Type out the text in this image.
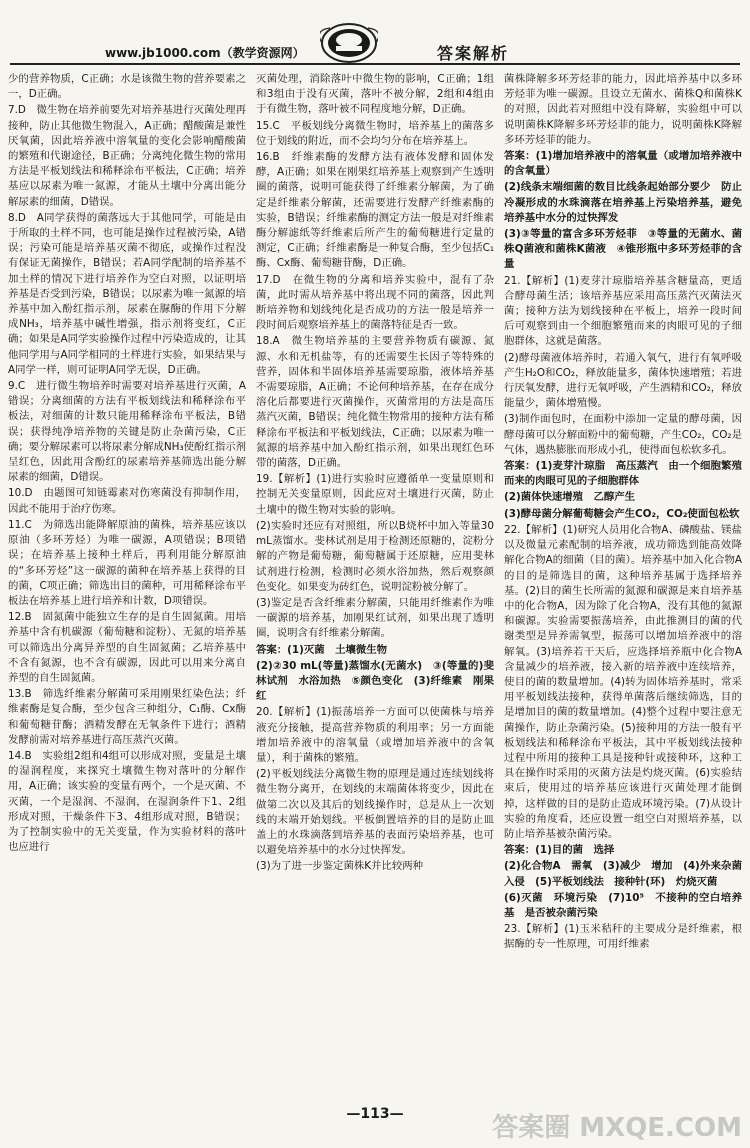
www.jb1000.com（教学资源网）	答案解析

少的营养物质，C正确；水是该微生物的营养要素之一，D正确。

7.D　微生物在培养前要先对培养基进行灭菌处理再接种，防止其他微生物混入，A正确；醋酸菌是兼性厌氧菌，因此培养液中溶氧量的变化会影响醋酸菌的繁殖和代谢途径，B正确；分离纯化微生物的常用方法是平板划线法和稀释涂布平板法，C正确；培养基应以尿素为唯一氮源，才能从土壤中分离出能分解尿素的细菌，D错误。

8.D　A同学获得的菌落远大于其他同学，可能是由于所取的土样不同，也可能是操作过程被污染，A错误；污染可能是培养基灭菌不彻底，或操作过程没有保证无菌操作，B错误；若A同学配制的培养基不加土样的情况下进行培养作为空白对照，以证明培养基是否受到污染，B错误；以尿素为唯一氮源的培养基中加入酚红指示剂，尿素在脲酶的作用下分解成NH₃，培养基中碱性增强，指示剂将变红，C正确；如果是A同学实验操作过程中污染造成的，让其他同学用与A同学相同的土样进行实验，如果结果与A同学一样，则可证明A同学无误，D正确。

9.C　进行微生物培养时需要对培养基进行灭菌，A错误；分离细菌的方法有平板划线法和稀释涂布平板法，对细菌的计数只能用稀释涂布平板法，B错误；获得纯净培养物的关键是防止杂菌污染，C正确；要分解尿素可以将尿素分解成NH₃使酚红指示剂呈红色，因此用含酚红的尿素培养基筛选出能分解尿素的细菌，D错误。

10.D　由题图可知链霉素对伤寒菌没有抑制作用，因此不能用于治疗伤寒。

11.C　为筛选出能降解原油的菌株，培养基应该以原油（多环芳烃）为唯一碳源，A项错误；B项错误；在培养基上接种土样后，再利用能分解原油的“多环芳烃”这一碳源的菌种在培养基上获得的目的菌，C项正确；筛选出目的菌种，可用稀释涂布平板法在培养基上进行培养和计数，D项错误。

12.B　固氮菌中能独立生存的是自生固氮菌。用培养基中含有机碳源（葡萄糖和淀粉）、无氮的培养基可以筛选出分离异养型的自生固氮菌；乙培养基中不含有氮源，也不含有碳源，因此可以用来分离自养型的自生固氮菌。

13.B　筛选纤维素分解菌可采用刚果红染色法；纤维素酶是复合酶，至少包含三种组分，C₁酶、Cx酶和葡萄糖苷酶；酒精发酵在无氧条件下进行；酒精发酵前需对培养基进行高压蒸汽灭菌。

14.B　实验组2组和4组可以形成对照，变量是土壤的湿润程度，来探究土壤微生物对落叶的分解作用，A正确；该实验的变量有两个，一个是灭菌、不灭菌，一个是湿润、不湿润，在湿润条件下1、2组形成对照，干燥条件下3、4组形成对照，B错误；为了控制实验中的无关变量，作为实验材料的落叶也应进行

灭菌处理，消除落叶中微生物的影响，C正确；1组和3组由于没有灭菌，落叶不被分解，2组和4组由于有微生物，落叶被不同程度地分解，D正确。

15.C　平板划线分离微生物时，培养基上的菌落多位于划线的附近，而不会均匀分布在培养基上。

16.B　纤维素酶的发酵方法有液体发酵和固体发酵，A正确；如果在刚果红培养基上观察到产生透明圈的菌落，说明可能获得了纤维素分解菌，为了确定是纤维素分解菌，还需要进行发酵产纤维素酶的实验，B错误；纤维素酶的测定方法一般是对纤维素酶分解滤纸等纤维素后所产生的葡萄糖进行定量的测定，C正确；纤维素酶是一种复合酶，至少包括C₁酶、Cx酶、葡萄糖苷酶，D正确。

17.D　在微生物的分离和培养实验中，混有了杂菌，此时需从培养基中将出现不同的菌落，因此判断培养物和划线纯化是否成功的方法一般是培养一段时间后观察培养基上的菌落特征是否一致。

18.A　微生物培养基的主要营养物质有碳源、氮源、水和无机盐等，有的还需要生长因子等特殊的营养，固体和半固体培养基需要琼脂，液体培养基不需要琼脂，A正确；不论何种培养基，在存在成分溶化后都要进行灭菌操作，灭菌常用的方法是高压蒸汽灭菌，B错误；纯化微生物常用的接种方法有稀释涂布平板法和平板划线法，C正确；以尿素为唯一氮源的培养基中加入酚红指示剂，如果出现红色环带的菌落，D正确。

19.【解析】(1)进行实验时应遵循单一变量原则和控制无关变量原则，因此应对土壤进行灭菌，防止土壤中的微生物对实验的影响。

(2)实验时还应有对照组，所以B烧杯中加入等量30 mL蒸馏水。斐林试剂是用于检测还原糖的，淀粉分解的产物是葡萄糖，葡萄糖属于还原糖，应用斐林试剂进行检测，检测时必须水浴加热，然后观察颜色变化。如果变为砖红色，说明淀粉被分解了。

(3)鉴定是否含纤维素分解菌，只能用纤维素作为唯一碳源的培养基，加刚果红试剂，如果出现了透明圈，说明含有纤维素分解菌。

答案：(1)灭菌　土壤微生物

(2)②30 mL(等量)蒸馏水(无菌水)　③(等量的)斐林试剂　水浴加热　⑤颜色变化　(3)纤维素　刚果红

20.【解析】(1)振荡培养一方面可以使菌株与培养液充分接触，提高营养物质的利用率；另一方面能增加培养液中的溶氧量（或增加培养液中的含氧量），利于菌株的繁殖。

(2)平板划线法分离微生物的原理是通过连续划线将微生物分离开，在划线的末端菌体将变少，因此在做第二次以及其后的划线操作时，总是从上一次划线的末端开始划线。平板倒置培养的目的是防止皿盖上的水珠滴落到培养基的表面污染培养基，也可以避免培养基中的水分过快挥发。

(3)为了进一步鉴定菌株K并比较两种

菌株降解多环芳烃菲的能力，因此培养基中以多环芳烃菲为唯一碳源。且设立无菌水、菌株Q和菌株K的对照，因此若对照组中没有降解，实验组中可以说明菌株K降解多环芳烃菲的能力，说明菌株K降解多环芳烃菲的能力。

答案：(1)增加培养液中的溶氧量（或增加培养液中的含氧量）

(2)线条末端细菌的数目比线条起始部分要少　防止冷凝形成的水珠滴落在培养基上污染培养基，避免培养基中水分的过快挥发

(3)③等量的富含多环芳烃菲　③等量的无菌水、菌株Q菌液和菌株K菌液　④锥形瓶中多环芳烃菲的含量

21.【解析】(1)麦芽汁琼脂培养基含糖量高，更适合酵母菌生活；该培养基应采用高压蒸汽灭菌法灭菌；接种方法为划线接种在平板上，培养一段时间后可观察到由一个细胞繁殖而来的肉眼可见的子细胞群体，这就是菌落。

(2)酵母菌液体培养时，若通入氧气，进行有氧呼吸产生H₂O和CO₂，释放能量多，菌体快速增殖；若进行厌氧发酵，进行无氧呼吸，产生酒精和CO₂，释放能量少，菌体增殖慢。

(3)制作面包时，在面粉中添加一定量的酵母菌，因酵母菌可以分解面粉中的葡萄糖，产生CO₂，CO₂是气体，遇热膨胀而形成小孔，使得面包松软多孔。

答案：(1)麦芽汁琼脂　高压蒸汽　由一个细胞繁殖而来的肉眼可见的子细胞群体

(2)菌体快速增殖　乙醇产生

(3)酵母菌分解葡萄糖会产生CO₂，CO₂使面包松软

22.【解析】(1)研究人员用化合物A、磷酸盐、镁盐以及微量元素配制的培养液，成功筛选到能高效降解化合物A的细菌（目的菌）。培养基中加入化合物A的目的是筛选目的菌，这种培养基属于选择培养基。(2)目的菌生长所需的氮源和碳源是来自培养基中的化合物A，因为除了化合物A，没有其他的氮源和碳源。实验需要振荡培养，由此推测目的菌的代谢类型是异养需氧型，振荡可以增加培养液中的溶解氧。(3)培养若干天后，应选择培养瓶中化合物A含量减少的培养液，接入新的培养液中连续培养，使目的菌的数量增加。(4)转为固体培养基时，常采用平板划线法接种，获得单菌落后继续筛选，目的是增加目的菌的数量增加。(4)整个过程中要注意无菌操作，防止杂菌污染。(5)接种用的方法一般有平板划线法和稀释涂布平板法，其中平板划线法接种过程中所用的接种工具是接种针或接种环，这种工具在操作时采用的灭菌方法是灼烧灭菌。(6)实验结束后，使用过的培养基应该进行灭菌处理才能倒掉，这样做的目的是防止造成环境污染。(7)从设计实验的角度看，还应设置一组空白对照培养基，以防止培养基被杂菌污染。

答案：(1)目的菌　选择

(2)化合物A　需氧　(3)减少　增加　(4)外来杂菌入侵　(5)平板划线法　接种针(环)　灼烧灭菌

(6)灭菌　环境污染　(7)10⁵　不接种的空白培养基　是否被杂菌污染

23.【解析】(1)玉米秸秆的主要成分是纤维素，根据酶的专一性原理，可用纤维素

—113—	答案圈 MXQE.COM
